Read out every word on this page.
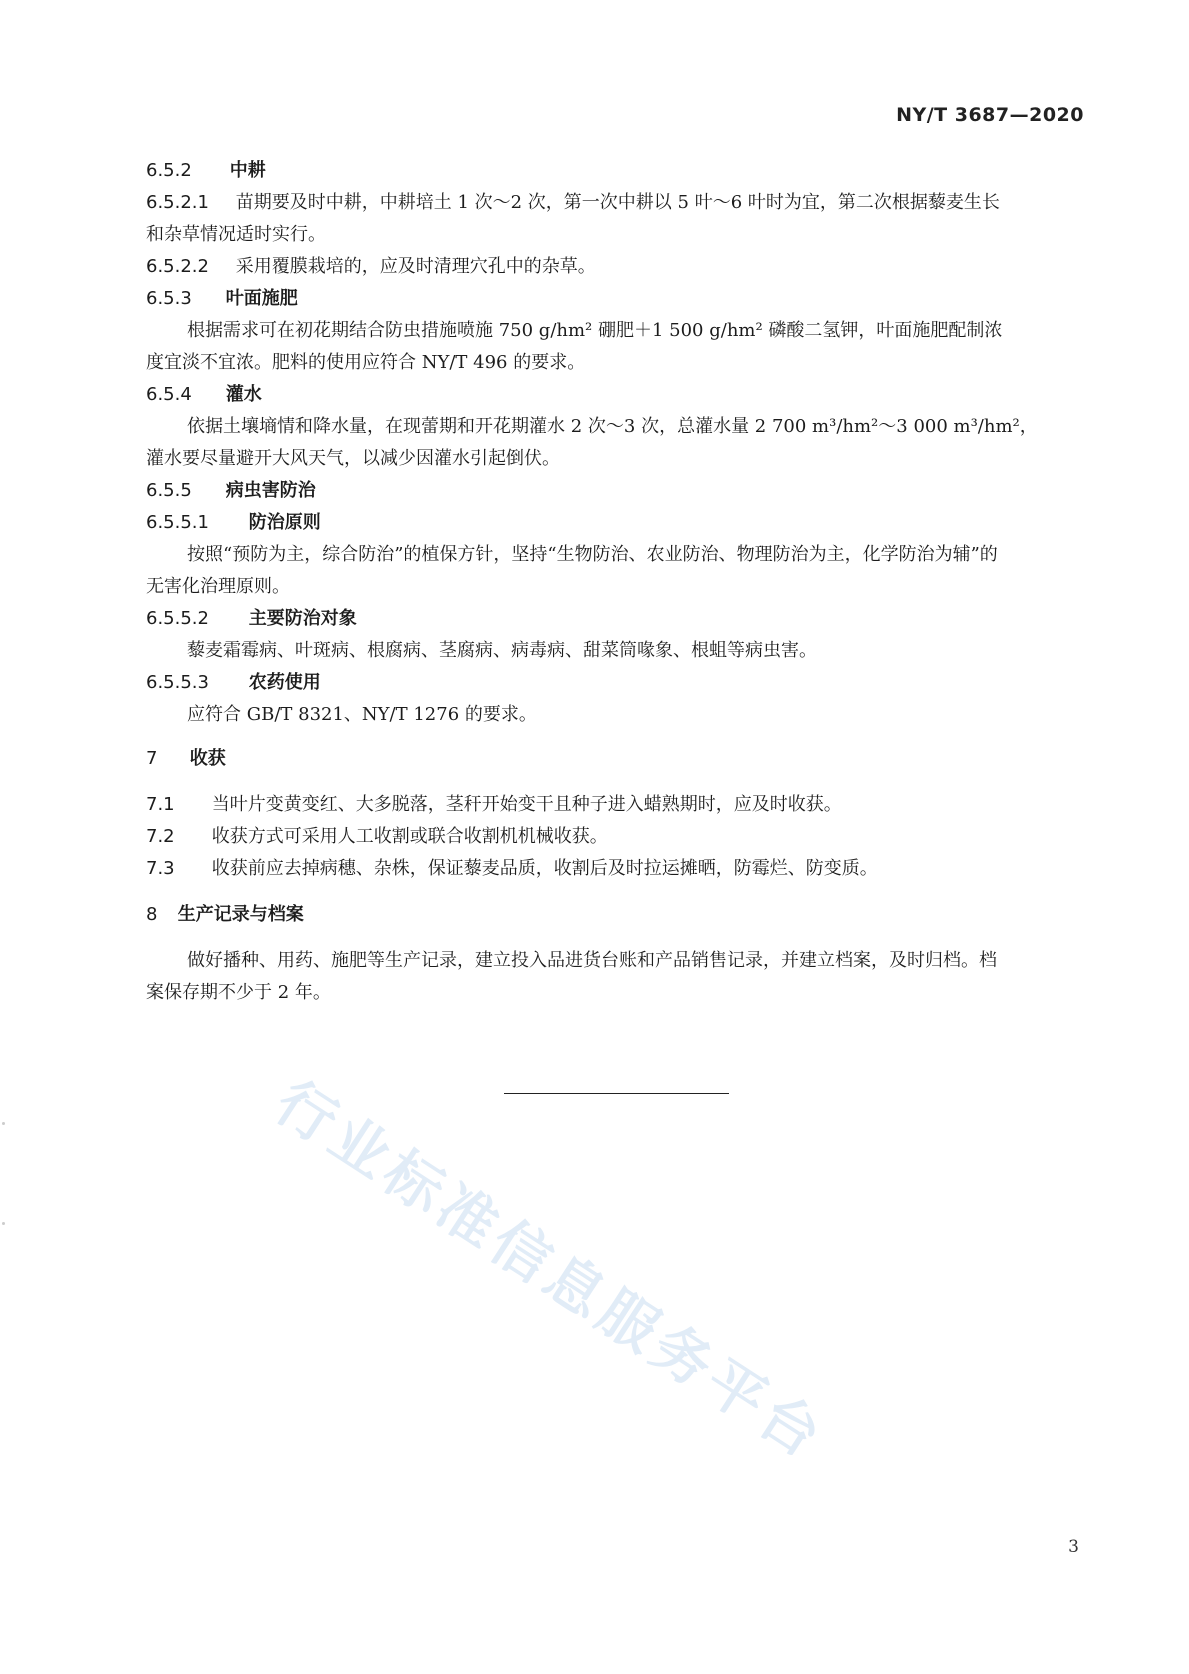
NY/T 3687—2020
行业标准信息服务平台
6.5.2 中耕
6.5.2.1 苗期要及时中耕，中耕培土 1 次～2 次，第一次中耕以 5 叶～6 叶时为宜，第二次根据藜麦生长
和杂草情况适时实行。
6.5.2.2 采用覆膜栽培的，应及时清理穴孔中的杂草。
6.5.3 叶面施肥
根据需求可在初花期结合防虫措施喷施 750 g/hm² 硼肥＋1 500 g/hm² 磷酸二氢钾，叶面施肥配制浓
度宜淡不宜浓。肥料的使用应符合 NY/T 496 的要求。
6.5.4 灌水
依据土壤墒情和降水量，在现蕾期和开花期灌水 2 次～3 次，总灌水量 2 700 m³/hm²～3 000 m³/hm²，
灌水要尽量避开大风天气，以减少因灌水引起倒伏。
6.5.5 病虫害防治
6.5.5.1 防治原则
按照“预防为主，综合防治”的植保方针，坚持“生物防治、农业防治、物理防治为主，化学防治为辅”的
无害化治理原则。
6.5.5.2 主要防治对象
藜麦霜霉病、叶斑病、根腐病、茎腐病、病毒病、甜菜筒喙象、根蛆等病虫害。
6.5.5.3 农药使用
应符合 GB/T 8321、NY/T 1276 的要求。
7 收获
7.1 当叶片变黄变红、大多脱落，茎秆开始变干且种子进入蜡熟期时，应及时收获。
7.2 收获方式可采用人工收割或联合收割机机械收获。
7.3 收获前应去掉病穗、杂株，保证藜麦品质，收割后及时拉运摊晒，防霉烂、防变质。
8 生产记录与档案
做好播种、用药、施肥等生产记录，建立投入品进货台账和产品销售记录，并建立档案，及时归档。档
案保存期不少于 2 年。
3
